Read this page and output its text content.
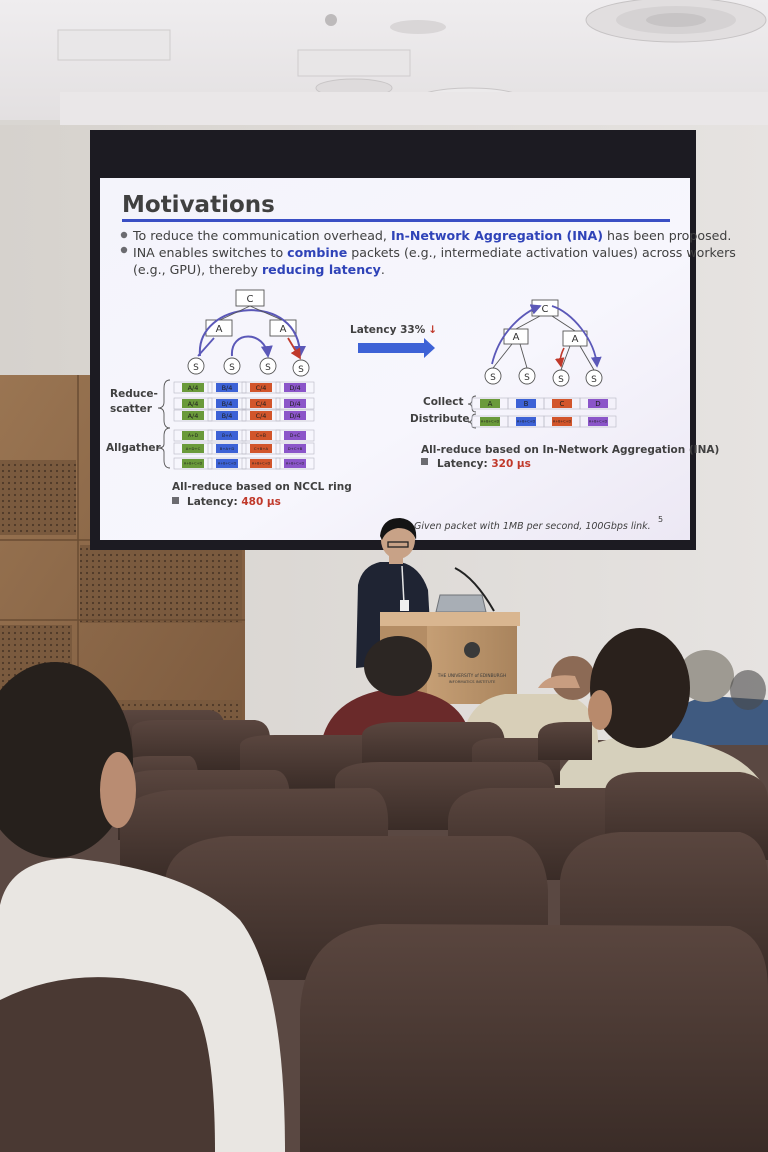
Motivations
To reduce the communication overhead, In-Network Aggregation (INA) has been proposed.
INA enables switches to combine packets (e.g., intermediate activation values) across workers
(e.g., GPU), thereby reducing latency.
C
A	A
S	S	S	S
Reduce-
scatter
Allgather
A/4	B/4	C/4	D/4
A/4	B/4	C/4	D/4
A/4	B/4	C/4	D/4
A+D	B+A	C+B	D+C
A+D+C	B+A+D	C+B+A	D+C+B
A+B+C+D	A+B+C+D	A+B+C+D	A+B+C+D
All-reduce based on NCCL ring
Latency: 480 μs
Latency 33% ↓
C
A	A
S	S	S	S
Collect
Distribute
A	B	C	D
A+B+C+D	A+B+C+D	A+B+C+D	A+B+C+D
All-reduce based on In-Network Aggregation (INA)
Latency: 320 μs
Given packet with 1MB per second, 100Gbps link.
5
THE UNIVERSITY of EDINBURGH
INFORMATICS INSTITUTE
